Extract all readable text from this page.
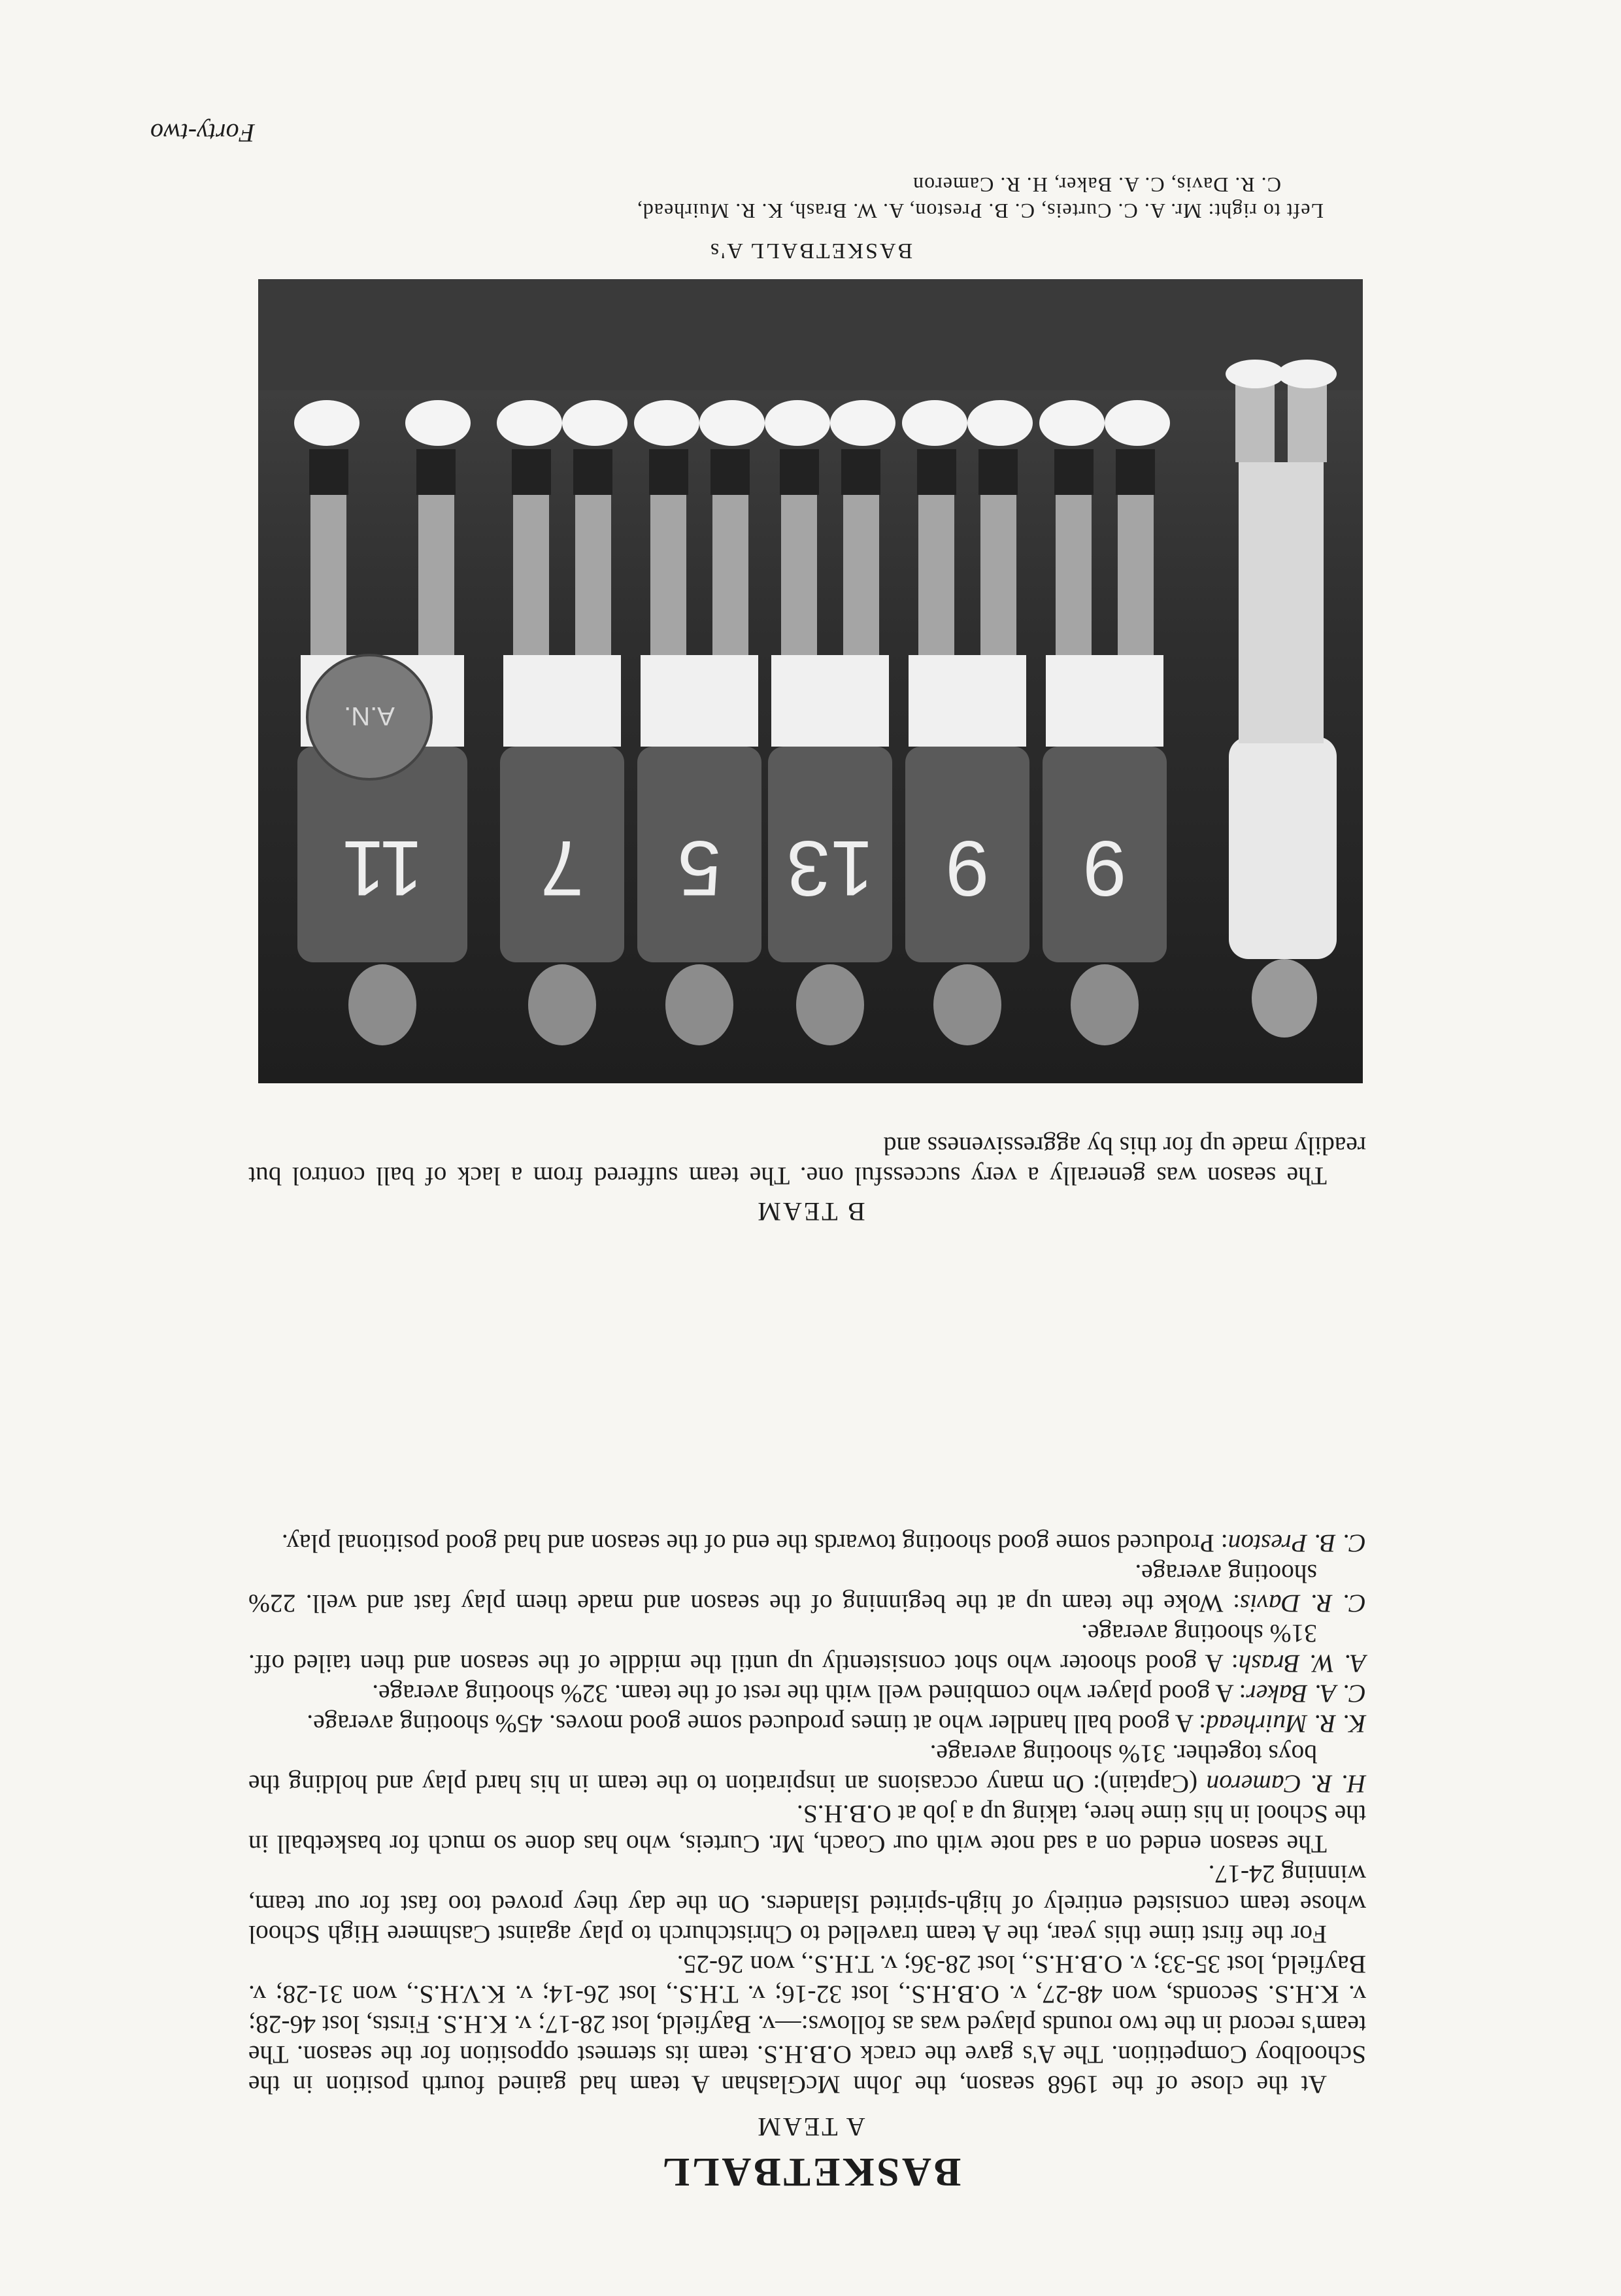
BASKETBALL
A TEAM

At the close of the 1968 season, the John McGlashan A team had gained fourth position in the Schoolboy Competition. The A's gave the crack O.B.H.S. team its sternest opposition for the season. The team's record in the two rounds played was as follows:—v. Bayfield, lost 28-17; v. K.H.S. Firsts, lost 46-28; v. K.H.S. Seconds, won 48-27, v. O.B.H.S., lost 32-16; v. T.H.S., lost 26-14; v. K.V.H.S., won 31-28; v. Bayfield, lost 35-33; v. O.B.H.S., lost 28-36; v. T.H.S., won 26-25.

For the first time this year, the A team travelled to Christchurch to play against Cashmere High School whose team consisted entirely of high-spirited Islanders. On the day they proved too fast for our team, winning 24-17.

The season ended on a sad note with our Coach, Mr. Curteis, who has done so much for basketball in the School in his time here, taking up a job at O.B.H.S.

H. R. Cameron (Captain): On many occasions an inspiration to the team in his hard play and holding the boys together. 31% shooting average.

K. R. Muirhead: A good ball handler who at times produced some good moves. 45% shooting average.

C. A. Baker: A good player who combined well with the rest of the team. 32% shooting average.

A. W. Brash: A good shooter who shot consistently up until the middle of the season and then tailed off. 31% shooting average.

C. R. Davis: Woke the team up at the beginning of the season and made them play fast and well. 22% shooting average.

C. B. Preston: Produced some good shooting towards the end of the season and had good positional play.

B TEAM

The season was generally a very successful one. The team suffered from a lack of ball control but readily made up for this by aggressiveness and

9
9
13
5
7
11
A.N.
BASKETBALL A's
Left to right: Mr. A. C. Curteis, C. B. Preston, A. W. Brash, K. R. Muirhead,
C. R. Davis, C. A. Baker, H. R. Cameron
Forty-two
